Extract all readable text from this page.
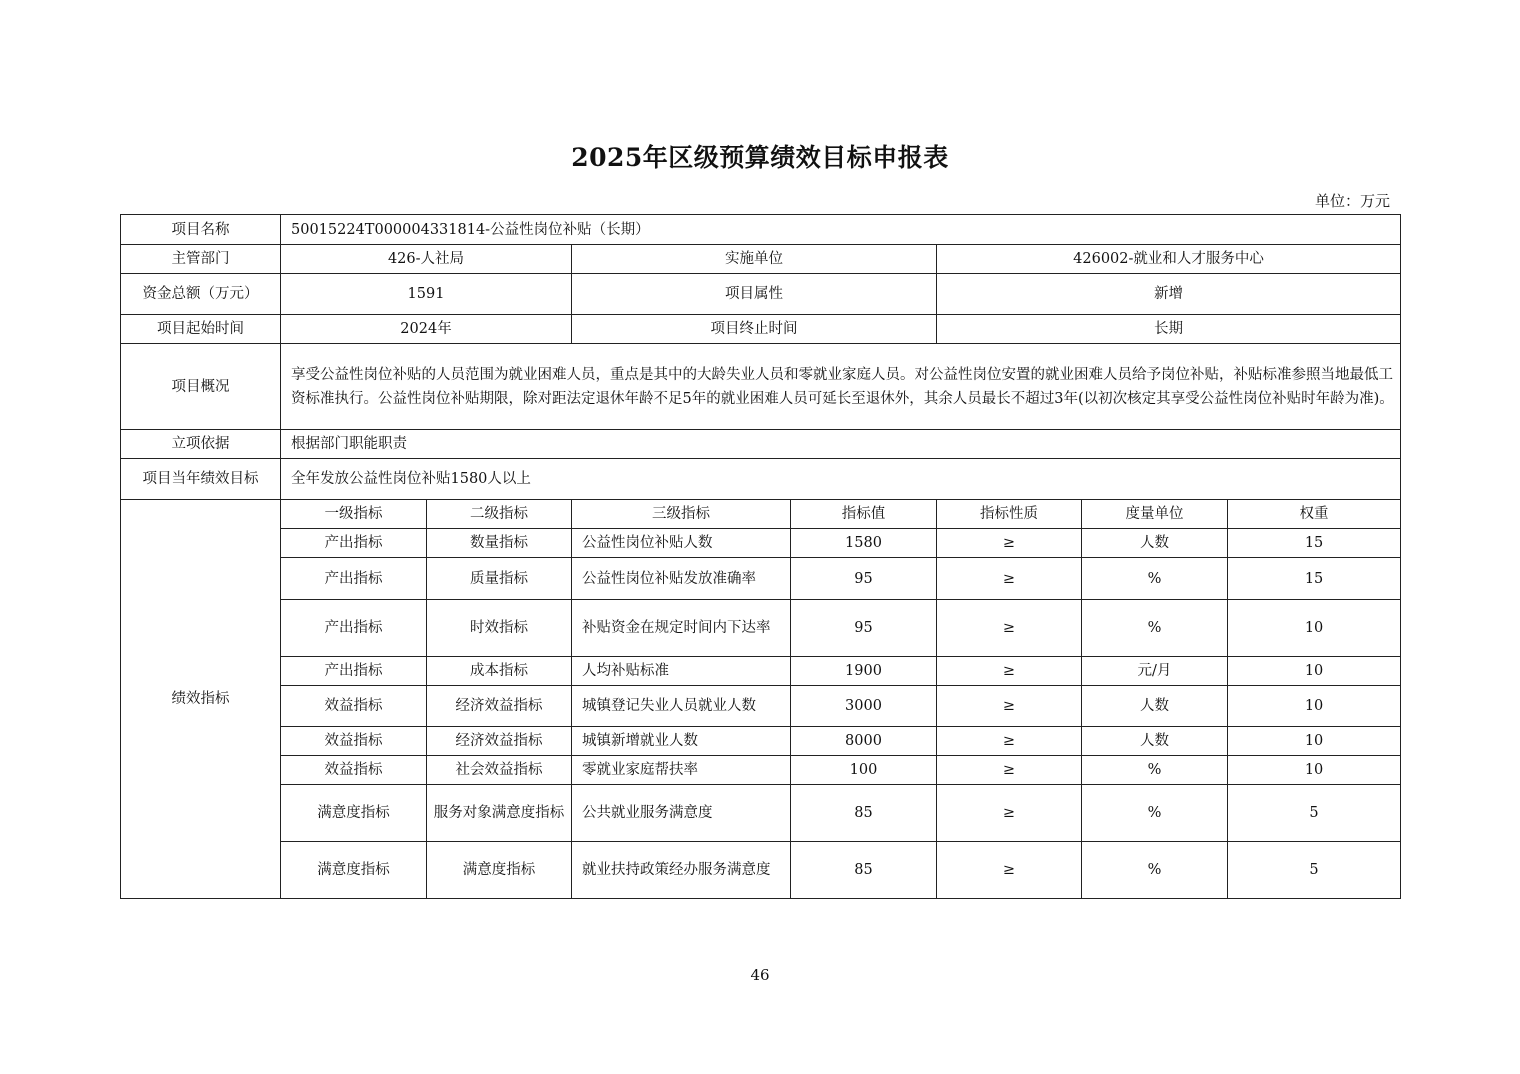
2025年区级预算绩效目标申报表
单位：万元
项目名称	50015224T000004331814-公益性岗位补贴（长期）						
主管部门	426-人社局		实施单位		426002-就业和人才服务中心		
资金总额（万元）	1591		项目属性		新增		
项目起始时间	2024年		项目终止时间		长期		
项目概况	享受公益性岗位补贴的人员范围为就业困难人员，重点是其中的大龄失业人员和零就业家庭人员。对公益性岗位安置的就业困难人员给予岗位补贴，补贴标准参照当地最低工资标准执行。公益性岗位补贴期限，除对距法定退休年龄不足5年的就业困难人员可延长至退休外，其余人员最长不超过3年(以初次核定其享受公益性岗位补贴时年龄为准)。						
立项依据	根据部门职能职责						
项目当年绩效目标	全年发放公益性岗位补贴1580人以上						
绩效指标	一级指标	二级指标	三级指标	指标值	指标性质	度量单位	权重
	产出指标	数量指标	公益性岗位补贴人数	1580	≥	人数	15
	产出指标	质量指标	公益性岗位补贴发放准确率	95	≥	%	15
	产出指标	时效指标	补贴资金在规定时间内下达率	95	≥	%	10
	产出指标	成本指标	人均补贴标准	1900	≥	元/月	10
	效益指标	经济效益指标	城镇登记失业人员就业人数	3000	≥	人数	10
	效益指标	经济效益指标	城镇新增就业人数	8000	≥	人数	10
	效益指标	社会效益指标	零就业家庭帮扶率	100	≥	%	10
	满意度指标	服务对象满意度指标	公共就业服务满意度	85	≥	%	5
	满意度指标	满意度指标	就业扶持政策经办服务满意度	85	≥	%	5
46
